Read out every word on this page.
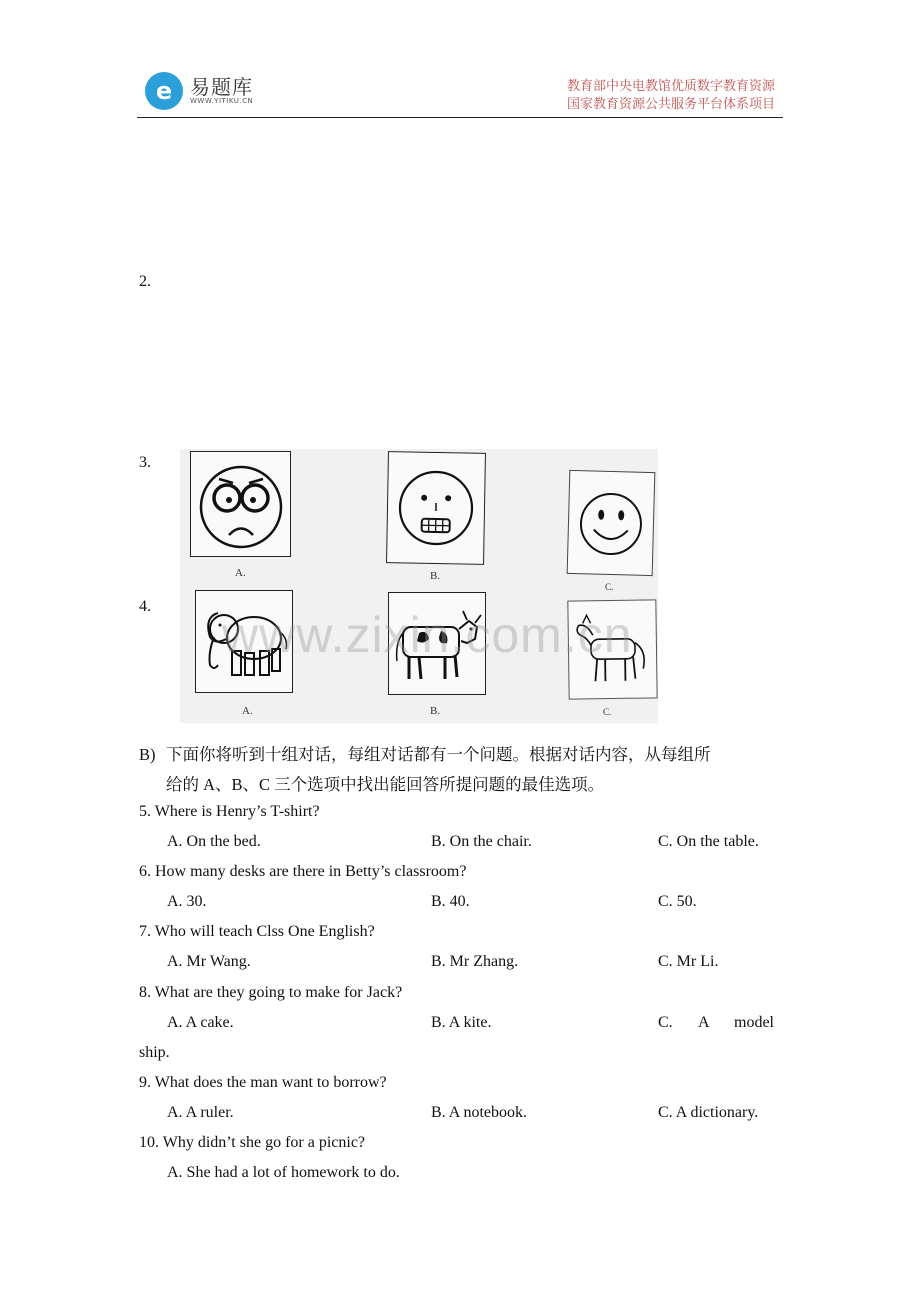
e 易题库
WWW.YITIKU.CN
教育部中央电教馆优质数字教育资源
国家教育资源公共服务平台体系项目
2.
3.
4.
A.	B.
C.
A.	B.	C.
www.zixin.com.cn
B) 下面你将听到十组对话，每组对话都有一个问题。根据对话内容，从每组所
给的 A、B、C 三个选项中找出能回答所提问题的最佳选项。
5. Where is Henry’s T-shirt?
A. On the bed.	B. On the chair.	C. On the table.
6. How many desks are there in Betty’s classroom?
A. 30.	B. 40.	C. 50.
7. Who will teach Clss One English?
A. Mr Wang.	B. Mr Zhang.	C. Mr Li.
8. What are they going to make for Jack?
A. A cake.	B. A kite.	C. A model
ship.
9. What does the man want to borrow?
A. A ruler.	B. A notebook.	C. A dictionary.
10. Why didn’t she go for a picnic?
A. She had a lot of homework to do.
